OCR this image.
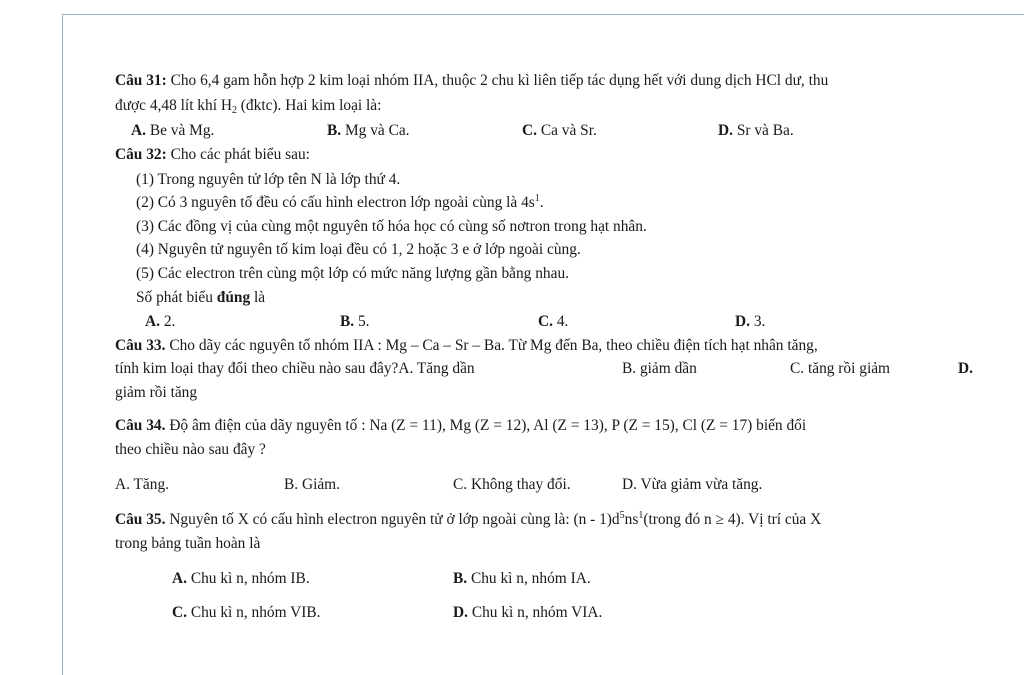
Câu 31: Cho 6,4 gam hỗn hợp 2 kim loại nhóm IIA, thuộc 2 chu kì liên tiếp tác dụng hết với dung dịch HCl dư, thu
được 4,48 lít khí $H_2$ (đktc). Hai kim loại là:
A. Be và Mg.	B. Mg và Ca.	C. Ca và Sr.	D. Sr và Ba.
Câu 32: Cho các phát biểu sau:
(1) Trong nguyên tử lớp tên N là lớp thứ 4.
(2) Có 3 nguyên tố đều có cấu hình electron lớp ngoài cùng là $4s^1$.
(3) Các đồng vị của cùng một nguyên tố hóa học có cùng số nơtron trong hạt nhân.
(4) Nguyên tử nguyên tố kim loại đều có 1, 2 hoặc 3 e ở lớp ngoài cùng.
(5) Các electron trên cùng một lớp có mức năng lượng gần bằng nhau.
Số phát biểu đúng là
A. 2.	B. 5.	C. 4.	D. 3.
Câu 33. Cho dãy các nguyên tố nhóm IIA : Mg – Ca – Sr – Ba. Từ Mg đến Ba, theo chiều điện tích hạt nhân tăng,
tính kim loại thay đổi theo chiều nào sau đây?A. Tăng dần	B. giảm dần	C. tăng rồi giảm	D.
giảm rồi tăng
Câu 34. Độ âm điện của dãy nguyên tố : Na (Z = 11), Mg (Z = 12), Al (Z = 13), P (Z = 15), Cl (Z = 17) biến đổi
theo chiều nào sau đây ?
A. Tăng.	B. Giảm.	C. Không thay đổi.	D. Vừa giảm vừa tăng.
Câu 35. Nguyên tố X có cấu hình electron nguyên tử ở lớp ngoài cùng là: $(n - 1)d^5ns^1(trong$ đó n ≥ 4). Vị trí của X
trong bảng tuần hoàn là
A. Chu kì n, nhóm IB.	B. Chu kì n, nhóm IA.
C. Chu kì n, nhóm VIB.	D. Chu kì n, nhóm VIA.
